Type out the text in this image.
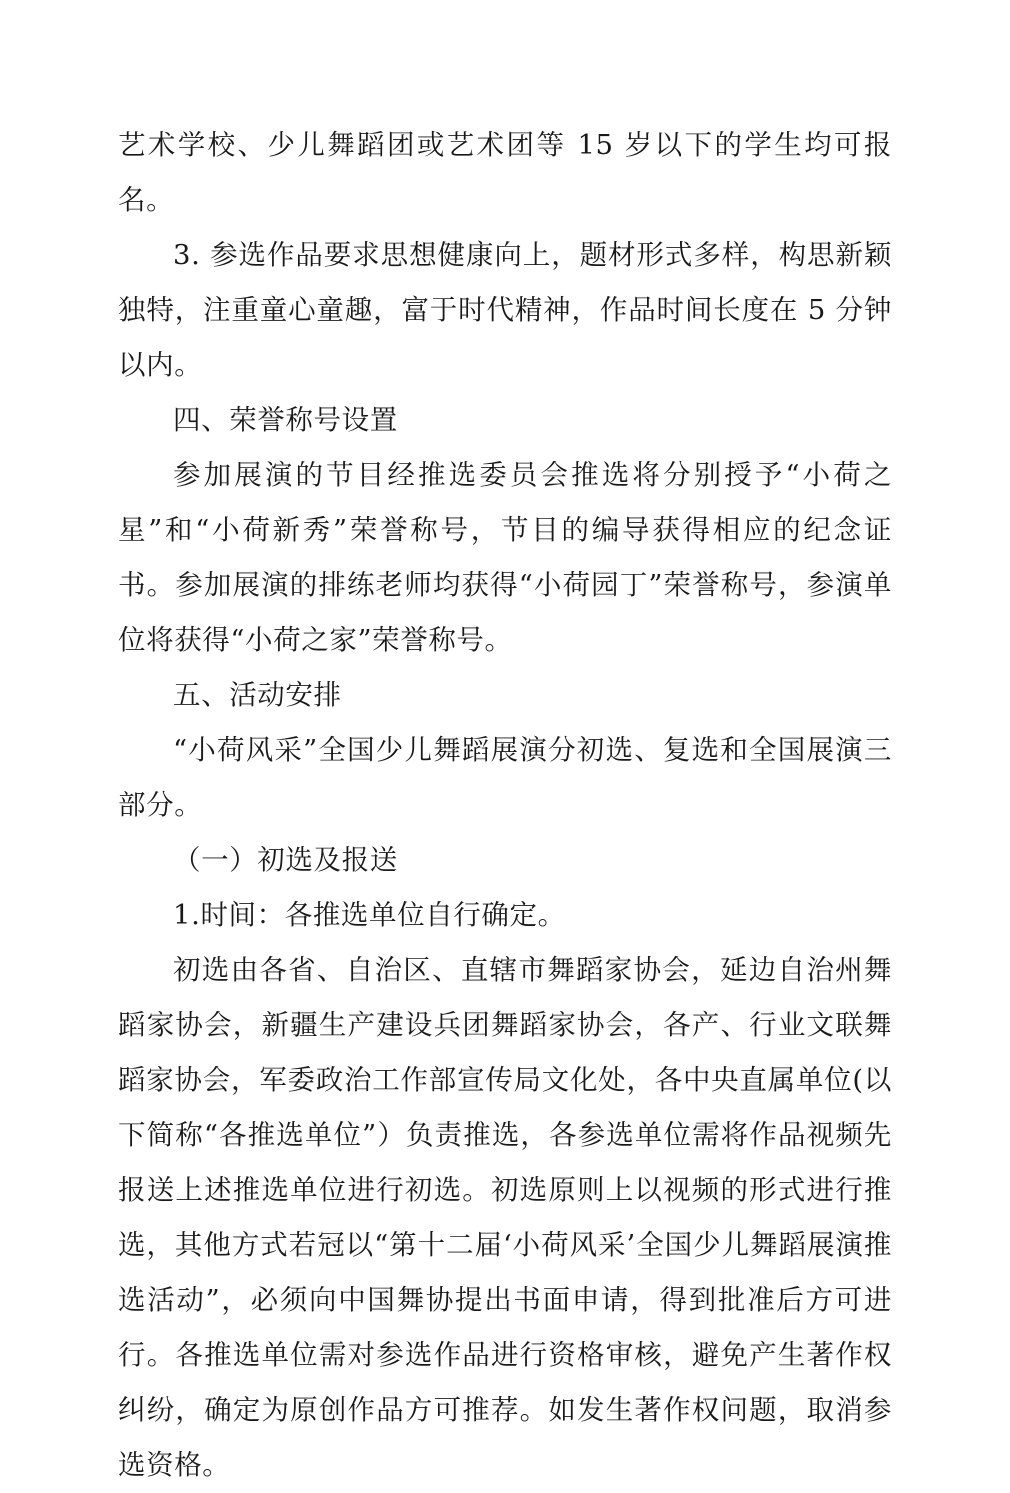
艺术学校、少儿舞蹈团或艺术团等 15 岁以下的学生均可报名。

3. 参选作品要求思想健康向上，题材形式多样，构思新颖独特，注重童心童趣，富于时代精神，作品时间长度在 5 分钟以内。

四、荣誉称号设置

参加展演的节目经推选委员会推选将分别授予“小荷之星”和“小荷新秀”荣誉称号，节目的编导获得相应的纪念证书。参加展演的排练老师均获得“小荷园丁”荣誉称号，参演单位将获得“小荷之家”荣誉称号。

五、活动安排

“小荷风采”全国少儿舞蹈展演分初选、复选和全国展演三部分。

（一）初选及报送

1.时间：各推选单位自行确定。

初选由各省、自治区、直辖市舞蹈家协会，延边自治州舞蹈家协会，新疆生产建设兵团舞蹈家协会，各产、行业文联舞蹈家协会，军委政治工作部宣传局文化处，各中央直属单位(以下简称“各推选单位”）负责推选，各参选单位需将作品视频先报送上述推选单位进行初选。初选原则上以视频的形式进行推选，其他方式若冠以“第十二届‘小荷风采’全国少儿舞蹈展演推选活动”，必须向中国舞协提出书面申请，得到批准后方可进行。各推选单位需对参选作品进行资格审核，避免产生著作权纠纷，确定为原创作品方可推荐。如发生著作权问题，取消参选资格。
